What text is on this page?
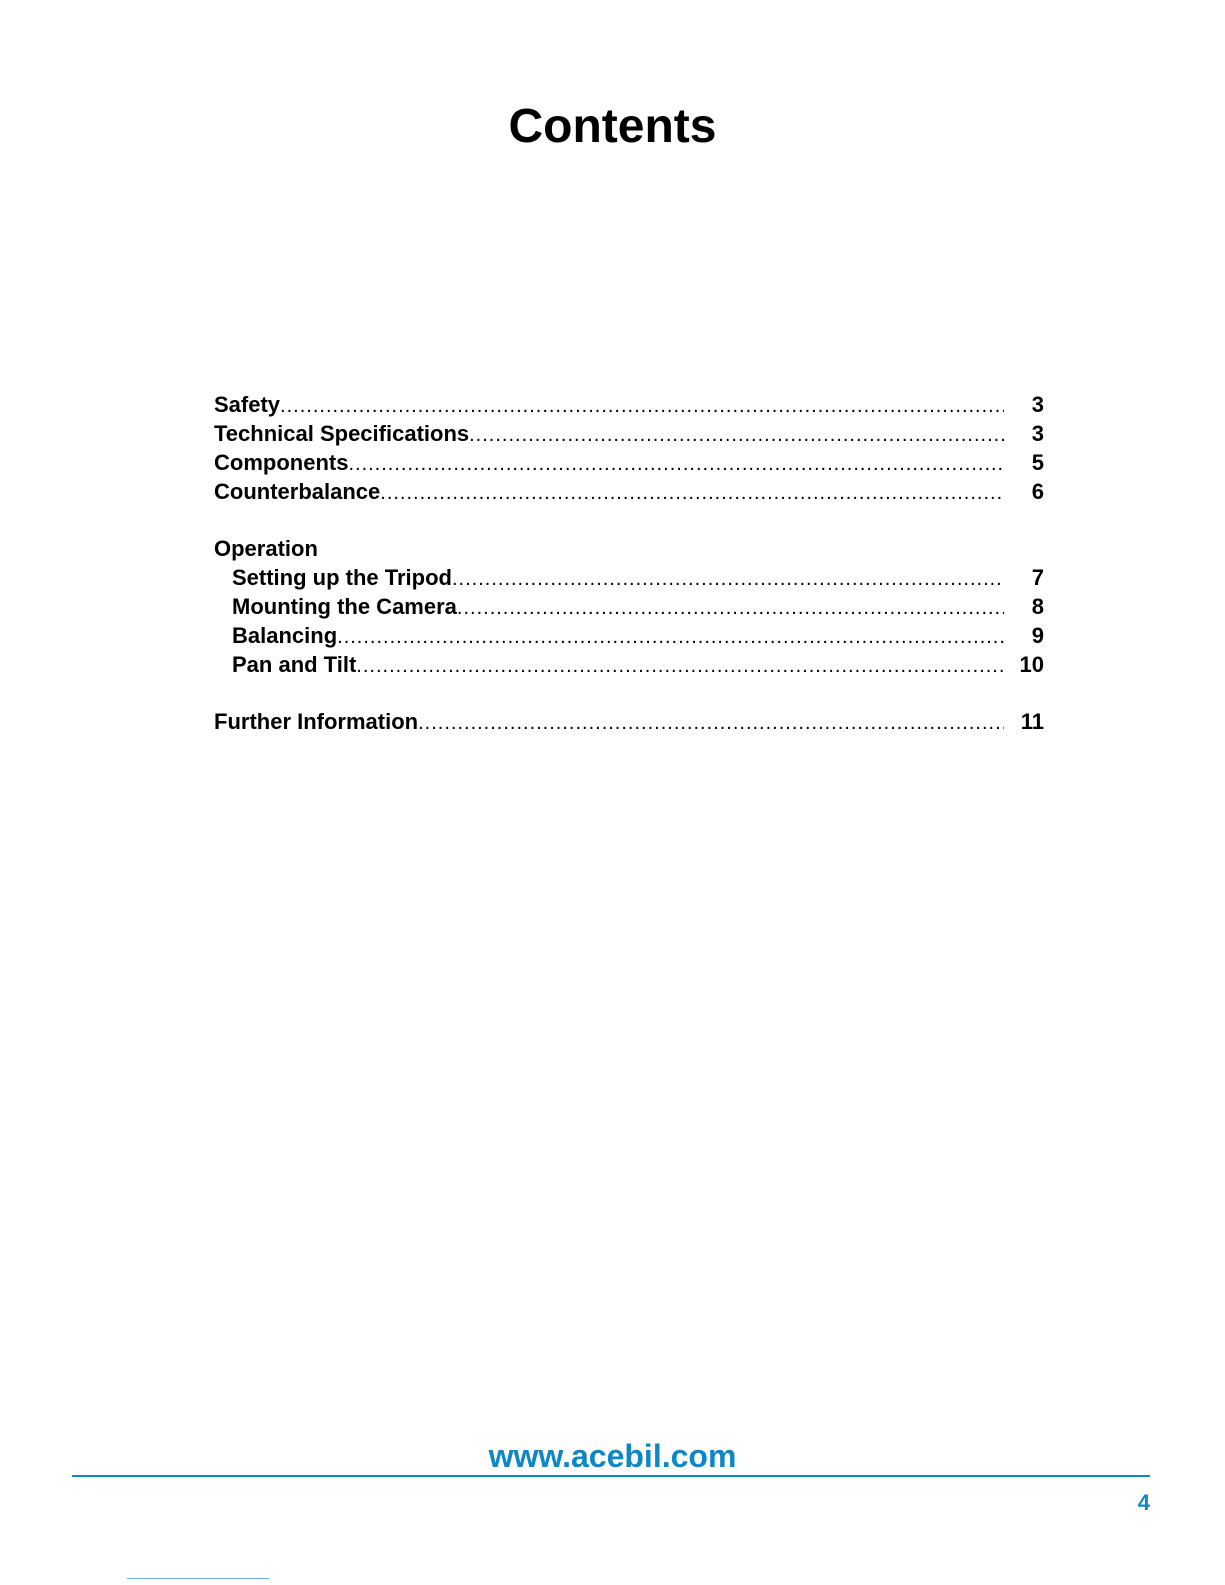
Contents
Safety .....	3
Technical Specifications .....	3
Components .....	5
Counterbalance .....	6
Operation
Setting up the Tripod .....	7
Mounting the Camera .....	8
Balancing .....	9
Pan and Tilt .....	10
Further Information .....	11
www.acebil.com
4
